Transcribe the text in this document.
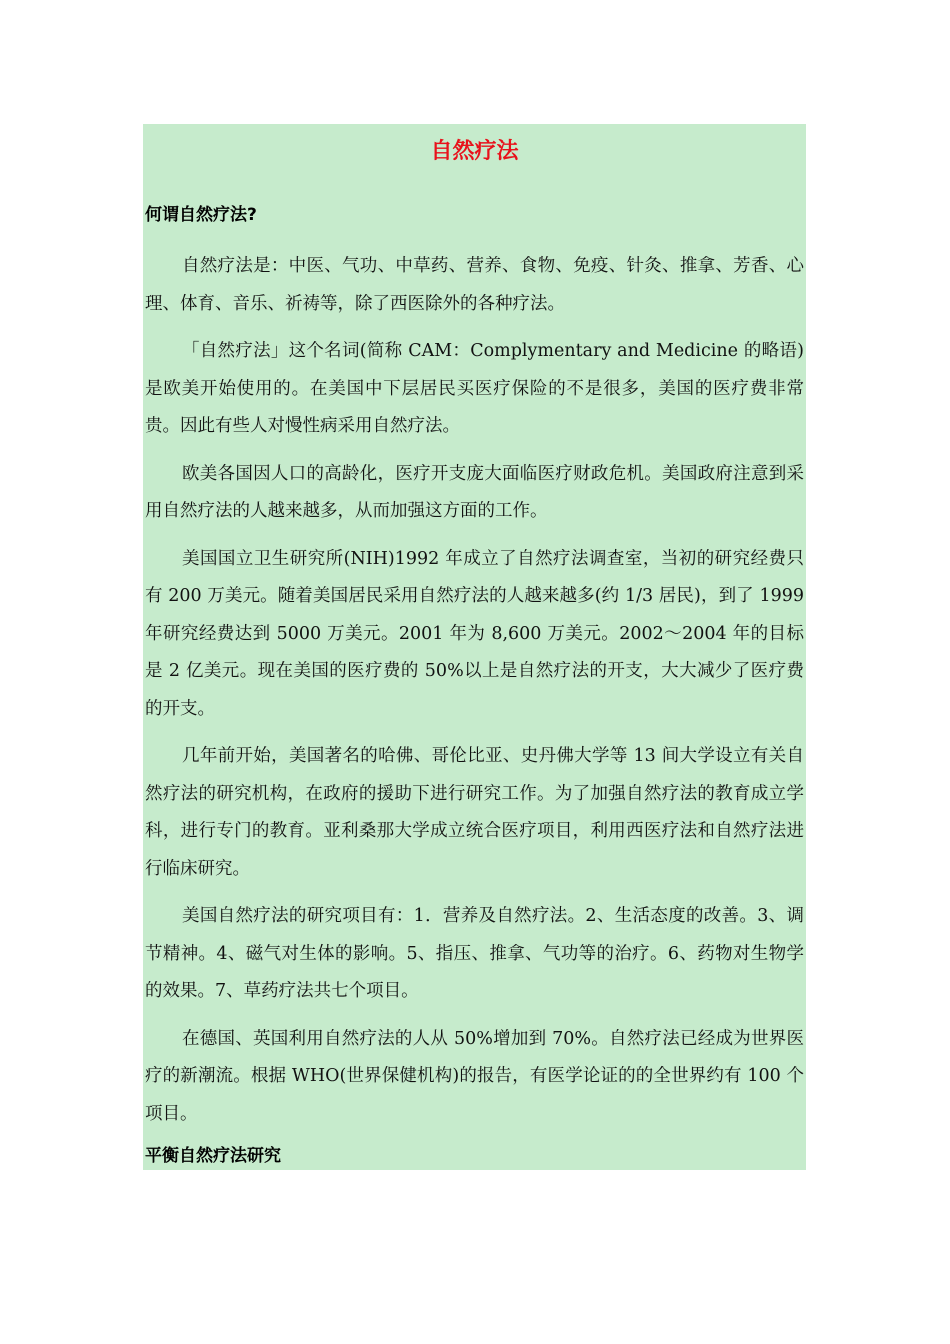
自然疗法
何谓自然疗法?

自然疗法是：中医、气功、中草药、营养、食物、免疫、针灸、推拿、芳香、心理、体育、音乐、祈祷等，除了西医除外的各种疗法。

「自然疗法」这个名词(简称 CAM：Complymentary and Medicine 的略语)是欧美开始使用的。在美国中下层居民买医疗保险的不是很多，美国的医疗费非常贵。因此有些人对慢性病采用自然疗法。

欧美各国因人口的高龄化，医疗开支庞大面临医疗财政危机。美国政府注意到采用自然疗法的人越来越多，从而加强这方面的工作。

美国国立卫生研究所(NIH)1992 年成立了自然疗法调查室，当初的研究经费只有 200 万美元。随着美国居民采用自然疗法的人越来越多(约 1/3 居民)，到了 1999 年研究经费达到 5000 万美元。2001 年为 8,600 万美元。2002～2004 年的目标是 2 亿美元。现在美国的医疗费的 50%以上是自然疗法的开支，大大减少了医疗费的开支。

几年前开始，美国著名的哈佛、哥伦比亚、史丹佛大学等 13 间大学设立有关自然疗法的研究机构，在政府的援助下进行研究工作。为了加强自然疗法的教育成立学科，进行专门的教育。亚利桑那大学成立统合医疗项目，利用西医疗法和自然疗法进行临床研究。

美国自然疗法的研究项目有：1．营养及自然疗法。2、生活态度的改善。3、调节精神。4、磁气对生体的影响。5、指压、推拿、气功等的治疗。6、药物对生物学的效果。7、草药疗法共七个项目。

在德国、英国利用自然疗法的人从 50%增加到 70%。自然疗法已经成为世界医疗的新潮流。根据 WHO(世界保健机构)的报告，有医学论证的的全世界约有 100 个项目。

平衡自然疗法研究
